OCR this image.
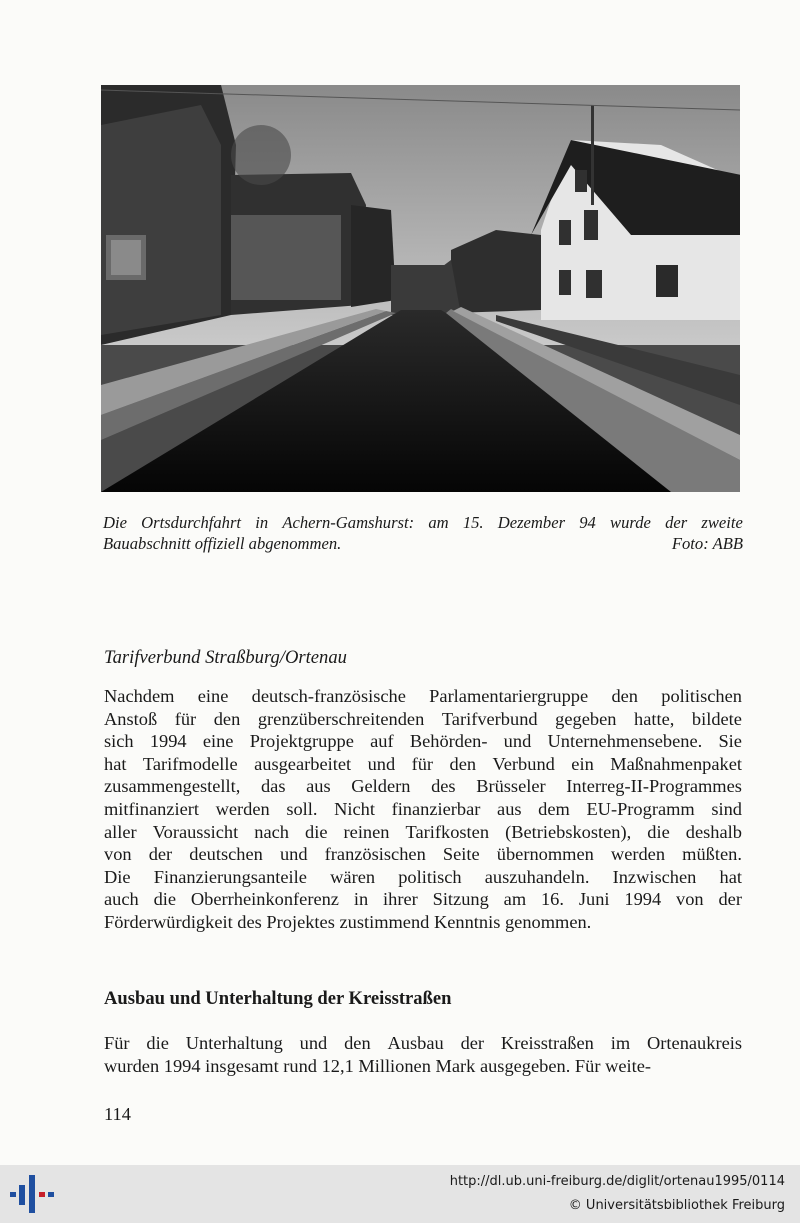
Die Ortsdurchfahrt in Achern-Gamshurst: am 15. Dezember 94 wurde der zweite
Bauabschnitt offiziell abgenommen.	Foto: ABB
Tarifverbund Straßburg/Ortenau
Nachdem eine deutsch-französische Parlamentariergruppe den politischen
Anstoß für den grenzüberschreitenden Tarifverbund gegeben hatte, bildete
sich 1994 eine Projektgruppe auf Behörden- und Unternehmensebene. Sie
hat Tarifmodelle ausgearbeitet und für den Verbund ein Maßnahmenpaket
zusammengestellt, das aus Geldern des Brüsseler Interreg-II-Programmes
mitfinanziert werden soll. Nicht finanzierbar aus dem EU-Programm sind
aller Voraussicht nach die reinen Tarifkosten (Betriebskosten), die deshalb
von der deutschen und französischen Seite übernommen werden müßten.
Die Finanzierungsanteile wären politisch auszuhandeln. Inzwischen hat
auch die Oberrheinkonferenz in ihrer Sitzung am 16. Juni 1994 von der
Förderwürdigkeit des Projektes zustimmend Kenntnis genommen.
Ausbau und Unterhaltung der Kreisstraßen
Für die Unterhaltung und den Ausbau der Kreisstraßen im Ortenaukreis
wurden 1994 insgesamt rund 12,1 Millionen Mark ausgegeben. Für weite-
114
http://dl.ub.uni-freiburg.de/diglit/ortenau1995/0114
© Universitätsbibliothek Freiburg
